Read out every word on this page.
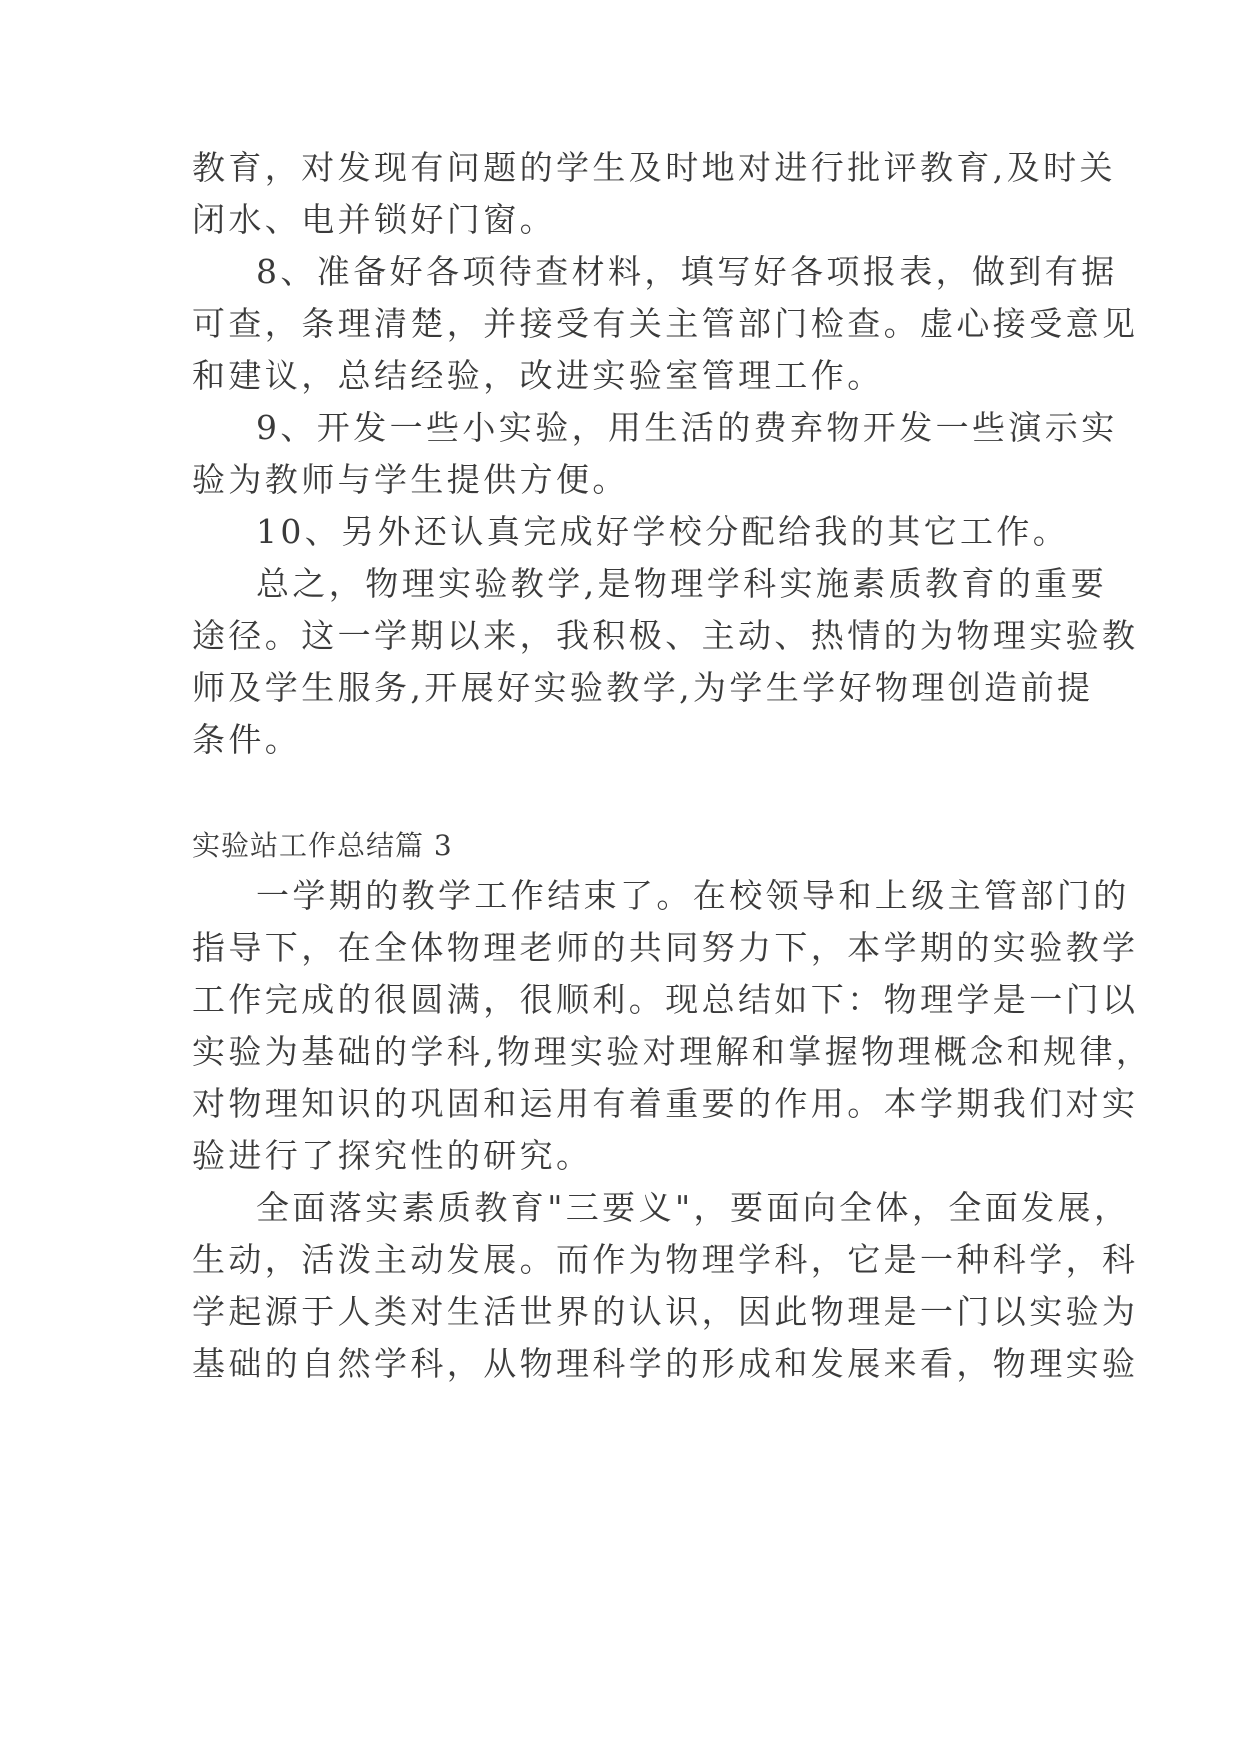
教育，对发现有问题的学生及时地对进行批评教育,及时关
闭水、电并锁好门窗。
8、准备好各项待查材料，填写好各项报表，做到有据
可查，条理清楚，并接受有关主管部门检查。虚心接受意见
和建议，总结经验，改进实验室管理工作。
9、开发一些小实验，用生活的费弃物开发一些演示实
验为教师与学生提供方便。
10、另外还认真完成好学校分配给我的其它工作。
总之，物理实验教学,是物理学科实施素质教育的重要
途径。这一学期以来，我积极、主动、热情的为物理实验教
师及学生服务,开展好实验教学,为学生学好物理创造前提
条件。
实验站工作总结篇 3
一学期的教学工作结束了。在校领导和上级主管部门的
指导下，在全体物理老师的共同努力下，本学期的实验教学
工作完成的很圆满，很顺利。现总结如下：物理学是一门以
实验为基础的学科,物理实验对理解和掌握物理概念和规律，
对物理知识的巩固和运用有着重要的作用。本学期我们对实
验进行了探究性的研究。
全面落实素质教育"三要义"，要面向全体，全面发展，
生动，活泼主动发展。而作为物理学科，它是一种科学，科
学起源于人类对生活世界的认识，因此物理是一门以实验为
基础的自然学科，从物理科学的形成和发展来看，物理实验
